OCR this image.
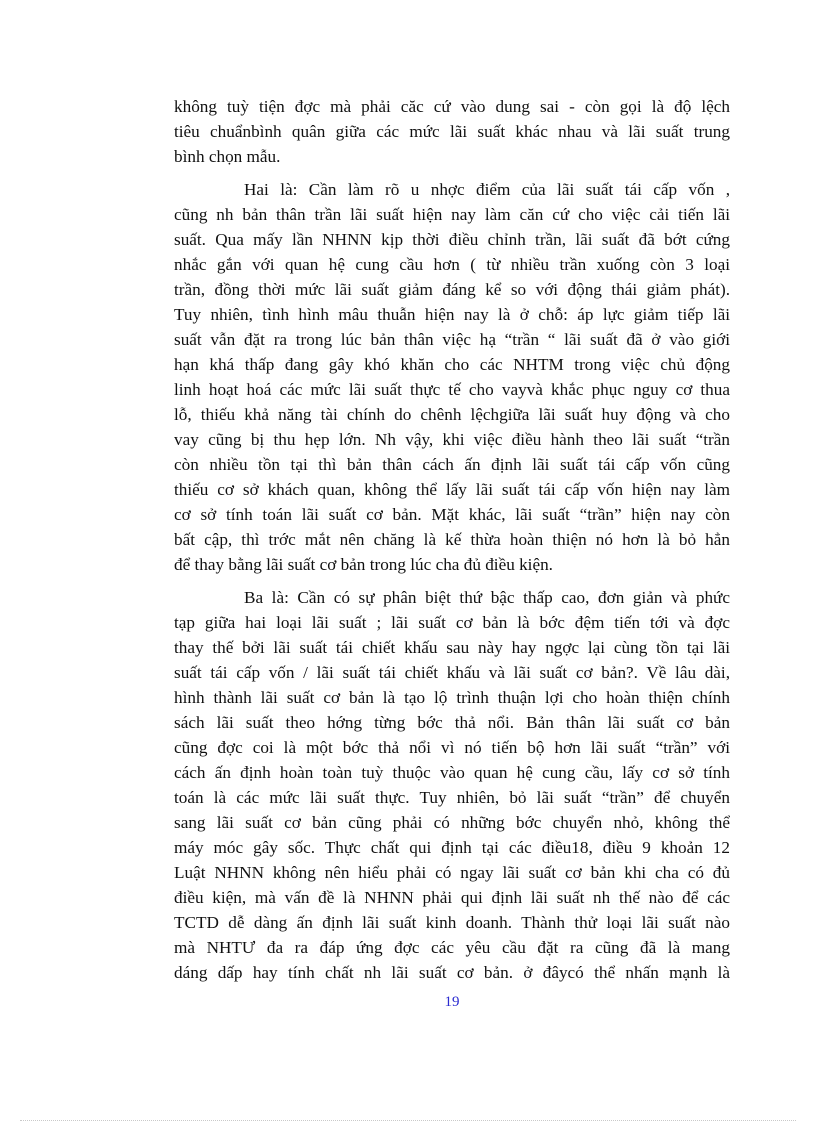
không tuỳ tiện đợc mà phải căc cứ vào dung sai - còn gọi là độ lệch
tiêu chuẩnbình quân giữa các mức lãi suất khác nhau và lãi suất trung
bình chọn mẫu.
Hai là: Cần làm rõ u nhợc điểm của lãi suất tái cấp vốn ,
cũng nh bản thân trần lãi suất hiện nay làm căn cứ cho việc cải tiến lãi
suất. Qua mấy lần NHNN kịp thời điều chỉnh trần, lãi suất đã bớt cứng
nhắc gắn với quan hệ cung cầu hơn ( từ nhiều trần xuống còn 3 loại
trần, đồng thời mức lãi suất giảm đáng kể so với động thái giảm phát).
Tuy nhiên, tình hình mâu thuẫn hiện nay là ở chỗ: áp lực giảm tiếp lãi
suất vẫn đặt ra trong lúc bản thân việc hạ “trần “ lãi suất đã ở vào giới
hạn khá thấp đang gây khó khăn cho các NHTM trong việc chủ động
linh hoạt hoá các mức lãi suất thực tế cho vayvà khắc phục nguy cơ thua
lỗ, thiếu khả năng tài chính do chênh lệchgiữa lãi suất huy động và cho
vay cũng bị thu hẹp lớn. Nh vậy, khi việc điều hành theo lãi suất “trần
còn nhiều tồn tại thì bản thân cách ấn định lãi suất tái cấp vốn cũng
thiếu cơ sở khách quan, không thể lấy lãi suất tái cấp vốn hiện nay làm
cơ sở tính toán lãi suất cơ bản. Mặt khác, lãi suất “trần” hiện nay còn
bất cập, thì trớc mắt nên chăng là kế thừa hoàn thiện nó hơn là bỏ hẳn
để thay bằng lãi suất cơ bản trong lúc cha đủ điều kiện.
Ba là: Cần có sự phân biệt thứ bậc thấp cao, đơn giản và phức
tạp giữa hai loại lãi suất ; lãi suất cơ bản là bớc đệm tiến tới và đợc
thay thế bởi lãi suất tái chiết khấu sau này hay ngợc lại cùng tồn tại lãi
suất tái cấp vốn / lãi suất tái chiết khấu và lãi suất cơ bản?. Về lâu dài,
hình thành lãi suất cơ bản là tạo lộ trình thuận lợi cho hoàn thiện chính
sách lãi suất theo hớng từng bớc thả nổi. Bản thân lãi suất cơ bản
cũng đợc coi là một bớc thả nổi vì nó tiến bộ hơn lãi suất “trần” với
cách ấn định hoàn toàn tuỳ thuộc vào quan hệ cung cầu, lấy cơ sở tính
toán là các mức lãi suất thực. Tuy nhiên, bỏ lãi suất “trần” để chuyển
sang lãi suất cơ bản cũng phải có những bớc chuyển nhỏ, không thể
máy móc gây sốc. Thực chất qui định tại các điều18, điều 9 khoản 12
Luật NHNN không nên hiểu phải có ngay lãi suất cơ bản khi cha có đủ
điều kiện, mà vấn đề là NHNN phải qui định lãi suất nh thế nào để các
TCTD dễ dàng ấn định lãi suất kinh doanh. Thành thử loại lãi suất nào
mà NHTƯ đa ra đáp ứng đợc các yêu cầu đặt ra cũng đã là mang
dáng dấp hay tính chất nh lãi suất cơ bản. ở đâycó thể nhấn mạnh là
19
